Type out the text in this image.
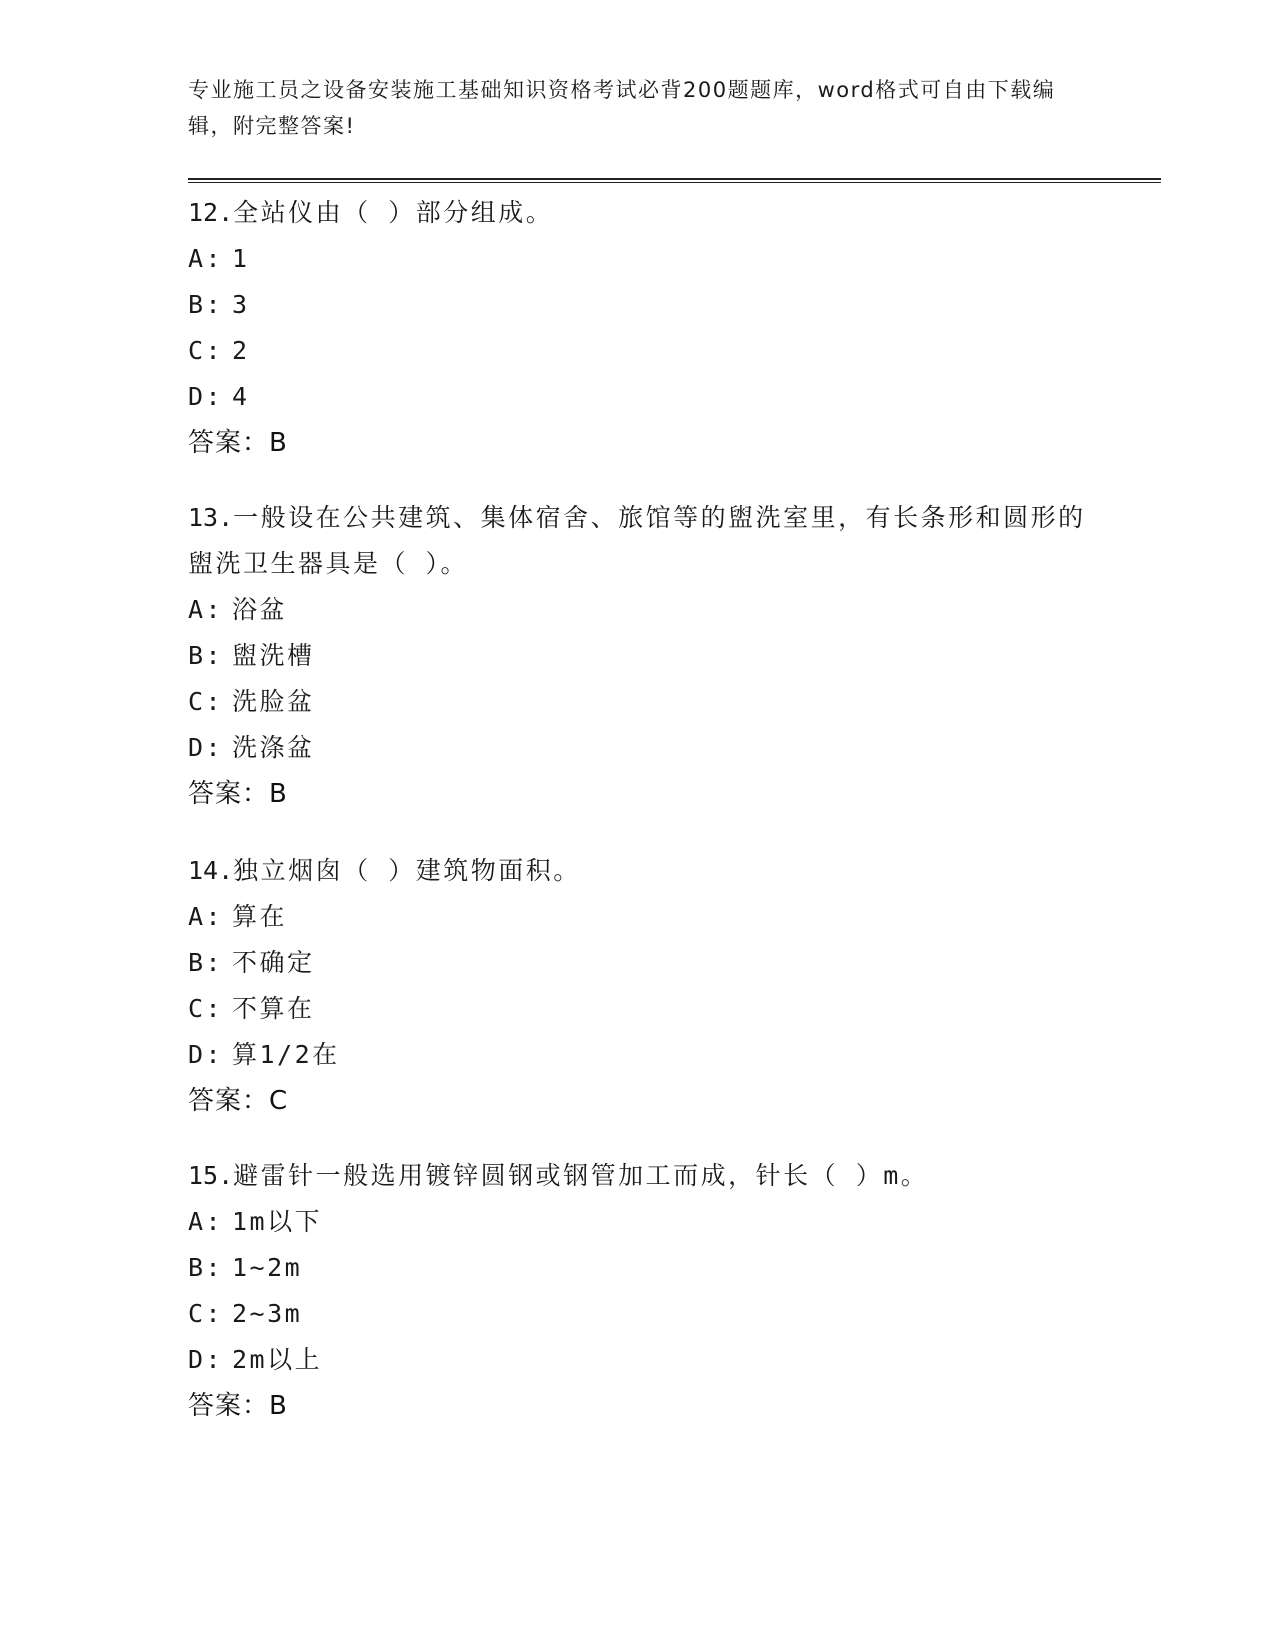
专业施工员之设备安装施工基础知识资格考试必背200题题库，word格式可自由下载编辑，附完整答案!
12.全站仪由（ ）部分组成。
A: 1
B: 3
C: 2
D: 4
答案：B
13.一般设在公共建筑、集体宿舍、旅馆等的盥洗室里，有长条形和圆形的盥洗卫生器具是（ ）。
A: 浴盆
B: 盥洗槽
C: 洗脸盆
D: 洗涤盆
答案：B
14.独立烟囱（ ）建筑物面积。
A: 算在
B: 不确定
C: 不算在
D: 算1/2在
答案：C
15.避雷针一般选用镀锌圆钢或钢管加工而成，针长（ ）m。
A: 1m以下
B: 1~2m
C: 2~3m
D: 2m以上
答案：B
